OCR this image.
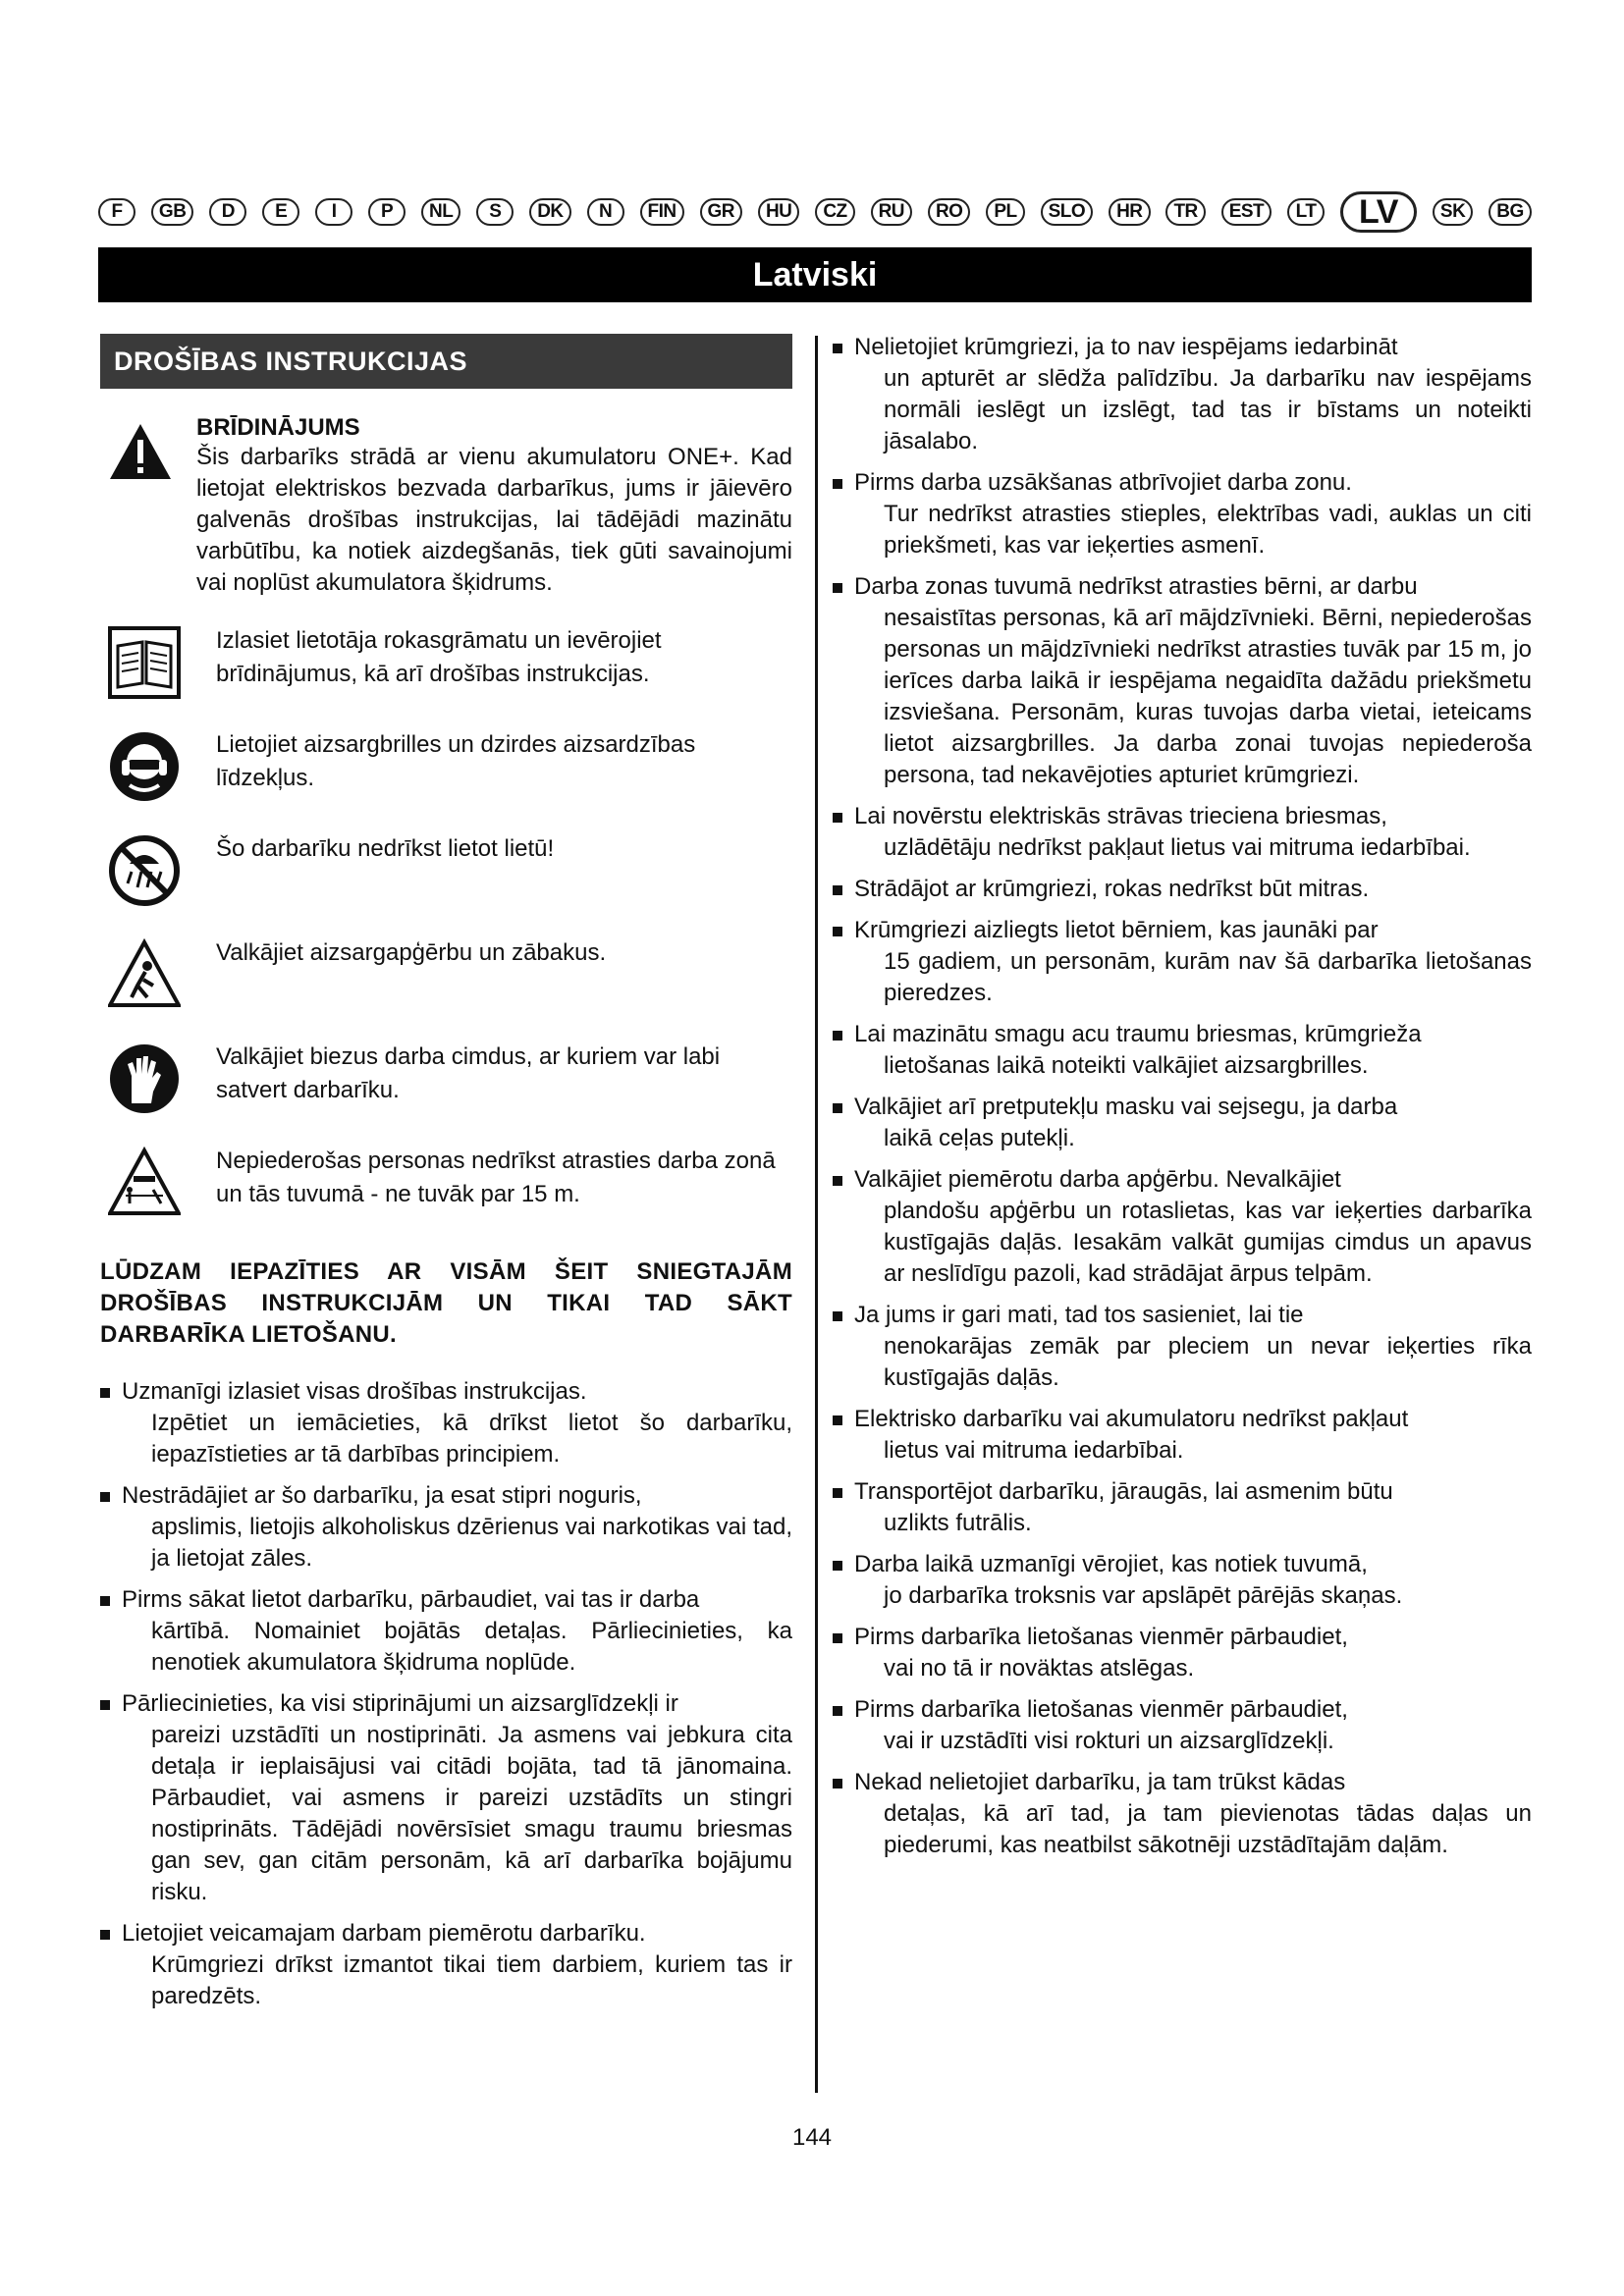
F	GB	D	E	I	P	NL	S	DK	N	FIN	GR	HU	CZ	RU	RO	PL	SLO	HR	TR	EST	LT	LV	SK	BG
Latviski
DROŠĪBAS INSTRUKCIJAS
BRĪDINĀJUMS
Šis darbarīks strādā ar vienu akumulatoru ONE+. Kad lietojat elektriskos bezvada darbarīkus, jums ir jāievēro galvenās drošības instrukcijas, lai tādējādi mazinātu varbūtību, ka notiek aizdegšanās, tiek gūti savainojumi vai noplūst akumulatora šķidrums.
Izlasiet lietotāja rokasgrāmatu un ievērojiet brīdinājumus, kā arī drošības instrukcijas.
Lietojiet aizsargbrilles un dzirdes aizsardzības līdzekļus.
Šo darbarīku nedrīkst lietot lietū!
Valkājiet aizsargapģērbu un zābakus.
Valkājiet biezus darba cimdus, ar kuriem var labi satvert darbarīku.
Nepiederošas personas nedrīkst atrasties darba zonā un tās tuvumā - ne tuvāk par 15 m.
LŪDZAM IEPAZĪTIES AR VISĀM ŠEIT SNIEGTAJĀM DROŠĪBAS INSTRUKCIJĀM UN TIKAI TAD SĀKT DARBARĪKA LIETOŠANU.
Uzmanīgi izlasiet visas drošības instrukcijas.
Izpētiet un iemācieties, kā drīkst lietot šo darbarīku, iepazīstieties ar tā darbības principiem.
Nestrādājiet ar šo darbarīku, ja esat stipri noguris,
apslimis, lietojis alkoholiskus dzērienus vai narkotikas vai tad, ja lietojat zāles.
Pirms sākat lietot darbarīku, pārbaudiet, vai tas ir darba
kārtībā. Nomainiet bojātās detaļas. Pārliecinieties, ka nenotiek akumulatora šķidruma noplūde.
Pārliecinieties, ka visi stiprinājumi un aizsarglīdzekļi ir
pareizi uzstādīti un nostiprināti. Ja asmens vai jebkura cita detaļa ir ieplaisājusi vai citādi bojāta, tad tā jānomaina. Pārbaudiet, vai asmens ir pareizi uzstādīts un stingri nostiprināts. Tādējādi novērsīsiet smagu traumu briesmas gan sev, gan citām personām, kā arī darbarīka bojājumu risku.
Lietojiet veicamajam darbam piemērotu darbarīku.
Krūmgriezi drīkst izmantot tikai tiem darbiem, kuriem tas ir paredzēts.
Nelietojiet krūmgriezi, ja to nav iespējams iedarbināt
un apturēt ar slēdža palīdzību. Ja darbarīku nav iespējams normāli ieslēgt un izslēgt, tad tas ir bīstams un noteikti jāsalabo.
Pirms darba uzsākšanas atbrīvojiet darba zonu.
Tur nedrīkst atrasties stieples, elektrības vadi, auklas un citi priekšmeti, kas var ieķerties asmenī.
Darba zonas tuvumā nedrīkst atrasties bērni, ar darbu
nesaistītas personas, kā arī mājdzīvnieki. Bērni, nepiederošas personas un mājdzīvnieki nedrīkst atrasties tuvāk par 15 m, jo ierīces darba laikā ir iespējama negaidīta dažādu priekšmetu izsviešana. Personām, kuras tuvojas darba vietai, ieteicams lietot aizsargbrilles. Ja darba zonai tuvojas nepiederoša persona, tad nekavējoties apturiet krūmgriezi.
Lai novērstu elektriskās strāvas trieciena briesmas,
uzlādētāju nedrīkst pakļaut lietus vai mitruma iedarbībai.
Strādājot ar krūmgriezi, rokas nedrīkst būt mitras.
Krūmgriezi aizliegts lietot bērniem, kas jaunāki par
15 gadiem, un personām, kurām nav šā darbarīka lietošanas pieredzes.
Lai mazinātu smagu acu traumu briesmas, krūmgrieža
lietošanas laikā noteikti valkājiet aizsargbrilles.
Valkājiet arī pretputekļu masku vai sejsegu, ja darba
laikā ceļas putekļi.
Valkājiet piemērotu darba apģērbu. Nevalkājiet
plandošu apģērbu un rotaslietas, kas var ieķerties darbarīka kustīgajās daļās. Iesakām valkāt gumijas cimdus un apavus ar neslīdīgu pazoli, kad strādājat ārpus telpām.
Ja jums ir gari mati, tad tos sasieniet, lai tie
nenokarājas zemāk par pleciem un nevar ieķerties rīka kustīgajās daļās.
Elektrisko darbarīku vai akumulatoru nedrīkst pakļaut
lietus vai mitruma iedarbībai.
Transportējot darbarīku, jāraugās, lai asmenim būtu
uzlikts futrālis.
Darba laikā uzmanīgi vērojiet, kas notiek tuvumā,
jo darbarīka troksnis var apslāpēt pārējās skaņas.
Pirms darbarīka lietošanas vienmēr pārbaudiet,
vai no tā ir noväktas atslēgas.
Pirms darbarīka lietošanas vienmēr pārbaudiet,
vai ir uzstādīti visi rokturi un aizsarglīdzekļi.
Nekad nelietojiet darbarīku, ja tam trūkst kādas
detaļas, kā arī tad, ja tam pievienotas tādas daļas un piederumi, kas neatbilst sākotnēji uzstādītajām daļām.
144
